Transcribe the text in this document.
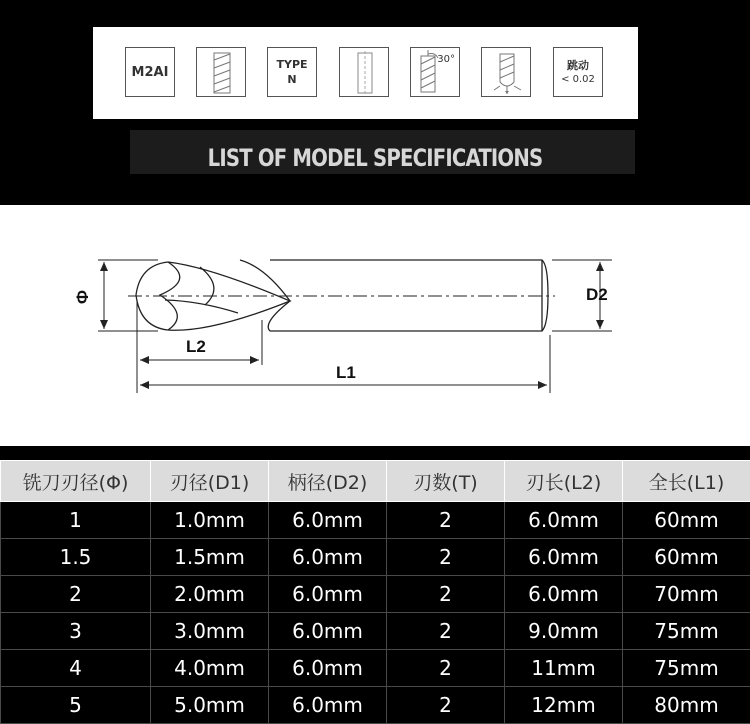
M2AI	TYPE
N
30°	跳动
< 0.02
LIST OF MODEL SPECIFICATIONS
Φ	D2
L2
L1
铣刀刃径(Φ)	刃径(D1)	柄径(D2)	刃数(T)	刃长(L2)	全长(L1)
1	1.0mm	6.0mm	2	6.0mm	60mm
1.5	1.5mm	6.0mm	2	6.0mm	60mm
2	2.0mm	6.0mm	2	6.0mm	70mm
3	3.0mm	6.0mm	2	9.0mm	75mm
4	4.0mm	6.0mm	2	11mm	75mm
5	5.0mm	6.0mm	2	12mm	80mm
